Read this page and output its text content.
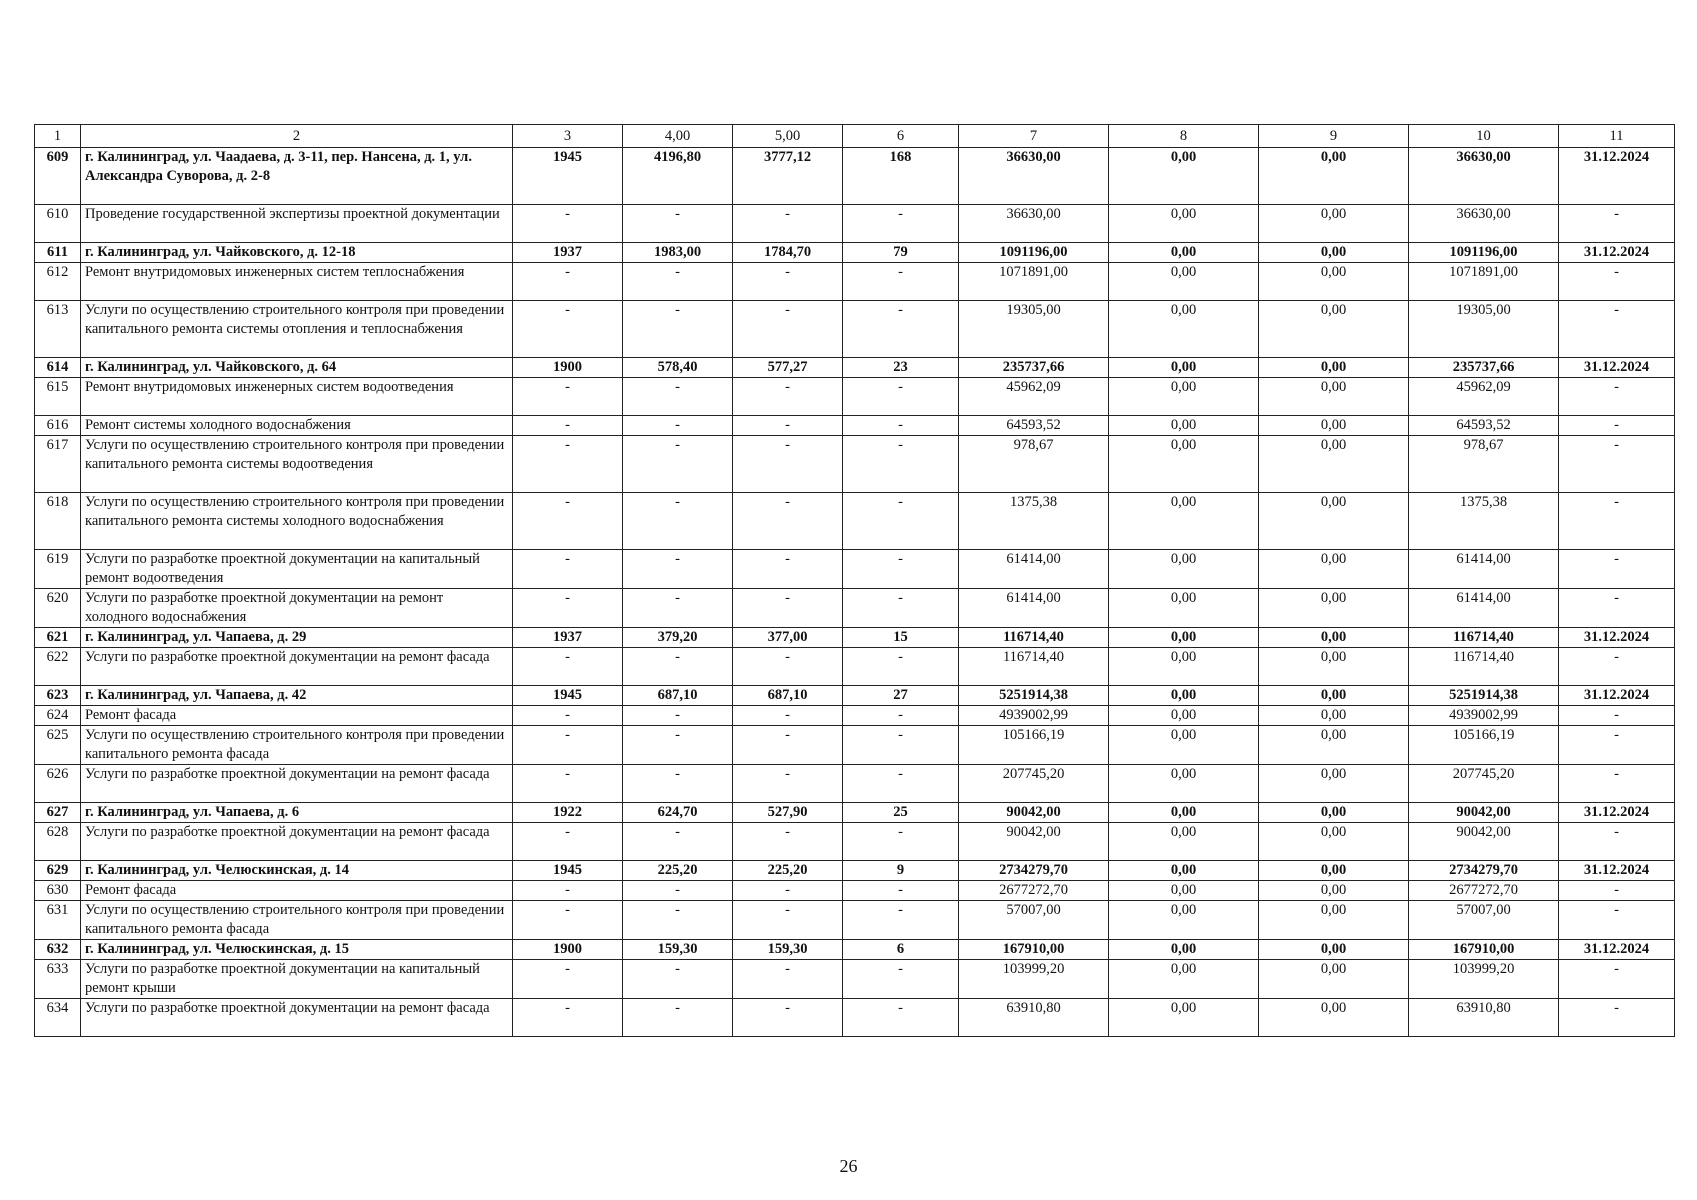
1	2	3	4,00	5,00	6	7	8	9	10	11
609	г. Калининград, ул. Чаадаева, д. 3-11, пер. Нансена, д. 1, ул. Александра Суворова, д. 2-8	1945	4196,80	3777,12	168	36630,00	0,00	0,00	36630,00	31.12.2024
610	Проведение государственной экспертизы проектной документации	-	-	-	-	36630,00	0,00	0,00	36630,00	-
611	г. Калининград, ул. Чайковского, д. 12-18	1937	1983,00	1784,70	79	1091196,00	0,00	0,00	1091196,00	31.12.2024
612	Ремонт внутридомовых инженерных систем теплоснабжения	-	-	-	-	1071891,00	0,00	0,00	1071891,00	-
613	Услуги по осуществлению строительного контроля при проведении капитального ремонта системы отопления и теплоснабжения	-	-	-	-	19305,00	0,00	0,00	19305,00	-
614	г. Калининград, ул. Чайковского, д. 64	1900	578,40	577,27	23	235737,66	0,00	0,00	235737,66	31.12.2024
615	Ремонт внутридомовых инженерных систем водоотведения	-	-	-	-	45962,09	0,00	0,00	45962,09	-
616	Ремонт системы холодного водоснабжения	-	-	-	-	64593,52	0,00	0,00	64593,52	-
617	Услуги по осуществлению строительного контроля при проведении капитального ремонта системы водоотведения	-	-	-	-	978,67	0,00	0,00	978,67	-
618	Услуги по осуществлению строительного контроля при проведении капитального ремонта системы холодного водоснабжения	-	-	-	-	1375,38	0,00	0,00	1375,38	-
619	Услуги по разработке проектной документации на капитальный ремонт водоотведения	-	-	-	-	61414,00	0,00	0,00	61414,00	-
620	Услуги по разработке проектной документации на ремонт холодного водоснабжения	-	-	-	-	61414,00	0,00	0,00	61414,00	-
621	г. Калининград, ул. Чапаева, д. 29	1937	379,20	377,00	15	116714,40	0,00	0,00	116714,40	31.12.2024
622	Услуги по разработке проектной документации на ремонт фасада	-	-	-	-	116714,40	0,00	0,00	116714,40	-
623	г. Калининград, ул. Чапаева, д. 42	1945	687,10	687,10	27	5251914,38	0,00	0,00	5251914,38	31.12.2024
624	Ремонт фасада	-	-	-	-	4939002,99	0,00	0,00	4939002,99	-
625	Услуги по осуществлению строительного контроля при проведении капитального ремонта фасада	-	-	-	-	105166,19	0,00	0,00	105166,19	-
626	Услуги по разработке проектной документации на ремонт фасада	-	-	-	-	207745,20	0,00	0,00	207745,20	-
627	г. Калининград, ул. Чапаева, д. 6	1922	624,70	527,90	25	90042,00	0,00	0,00	90042,00	31.12.2024
628	Услуги по разработке проектной документации на ремонт фасада	-	-	-	-	90042,00	0,00	0,00	90042,00	-
629	г. Калининград, ул. Челюскинская, д. 14	1945	225,20	225,20	9	2734279,70	0,00	0,00	2734279,70	31.12.2024
630	Ремонт фасада	-	-	-	-	2677272,70	0,00	0,00	2677272,70	-
631	Услуги по осуществлению строительного контроля при проведении капитального ремонта фасада	-	-	-	-	57007,00	0,00	0,00	57007,00	-
632	г. Калининград, ул. Челюскинская, д. 15	1900	159,30	159,30	6	167910,00	0,00	0,00	167910,00	31.12.2024
633	Услуги по разработке проектной документации на капитальный ремонт крыши	-	-	-	-	103999,20	0,00	0,00	103999,20	-
634	Услуги по разработке проектной документации на ремонт фасада	-	-	-	-	63910,80	0,00	0,00	63910,80	-
26
